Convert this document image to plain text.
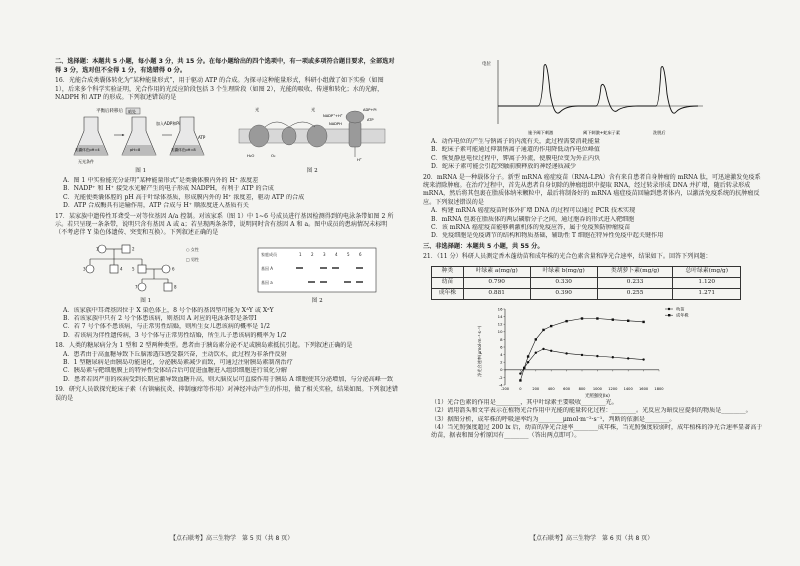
二、选择题：本题共 5 小题，每小题 3 分，共 15 分。在每小题给出的四个选项中，有一项或多项符合题目要求，全部选对得 3 分，选对但不全得 1 分，有选错得 0 分。
16．光能合成类囊体转化为“某种能量形式”，用于驱动 ATP 的合成。为探寻这种能量形式，科研小组做了如下实验（如图 1），后来多个科学实验证明，光合作用的光反应阶段包括 3 个生理阶段（如图 2），光能的吸收、传递和转化；水的光解，NADPH 和 ATP 的形成。下列叙述错误的是
平衡后转移后 暗处
加入ADP和Pi
ATP
类囊体在pH=4	pH=8	类囊体在pH=8
无光条件
图 1
光	光
NADP⁺+H⁺
NADPH
ADP+Pi
ATP
H⁺
H₂O	O₂
图 2
A．图 1 中实验能充分证明“某种能量形式”是类囊体膜内外的 H⁺ 浓度差
B．NADP⁺ 和 H⁺ 接受水光解产生的电子形成 NADPH，有利于 ATP 的合成
C．光能使类囊体腔的 pH 高于叶绿体基质，形成膜内外的 H⁺ 浓度差，驱动 ATP 的合成
D．ATP 合成酶具有运输作用，ATP 合成与 H⁺ 顺浓度进入基质有关
17．某家族中遗传性耳聋受一对等位基因 A/a 控制。对该家系（图 1）中 1~6 号成员进行基因检测得到的电泳条带如图 2 所示。若只呈现一条条带，说明只含有基因 A 或 a；若呈现两条条带，说明同时含有基因 A 和 a。图中成员的患病情况未标明（不考虑伴 Y 染色体遗传、突变和互换）。下列叙述正确的是
1	2
3	4 5	6
7	8
○ 女性
□ 男性
图 1
家庭成员	1 2 3 4 5 6
基因 A
基因 a
图 2
A．该家族中耳聋基因位于 X 染色体上，8 号个体的基因型可能为 XᴬY 或 XᵃY
B．若该家族中只有 2 号个体患该病，则基因 A 对应的电泳条带是条带Ⅰ
C．若 7 号个体不患该病，与正常男性结婚，则所生女儿患该病的概率是 1/2
D．若该病为伴性遗传病，3 号个体与正常男性结婚，所生儿子患该病的概率为 1/2
18．人类的糖尿病分为 1 型和 2 型两种类型。患者由于胰岛素分泌不足或胰岛素抵抗引起。下列叙述正确的是
A．患者由于高血糖导致下丘脑渗透压感受器兴奋，主动饮水，此过程为非条件反射
B．1 型糖尿病是由胰岛功能退化，分泌胰岛素减少而致，可通过注射胰岛素制剂治疗
C．胰岛素与靶细胞膜上的特异性受体结合后可促进血糖进入组织细胞进行氧化分解
D．患者若因严重的疾病受到长期应激导致血糖升高，则大脑皮层可直接作用于胰岛 A 细胞使其分泌增加，与分泌高峰一致
19．研究人员欲探究蛇床子素（有镇痛抗炎、抑制瘙痒等作用）对神经冲动产生的作用，做了相关实验，结果如图。下列叙述错误的是
电位
施予阈下刺激	阈下刺激+蛇床子素	洗脱后
A．动作电位的产生与钠离子的内流有关，此过程需要消耗能量
B．蛇床子素可能通过抑制钠离子通道的作用降低动作电位峰值
C．恢复静息电位过程中，钾离子外流，使膜电位变为外正内负
D．蛇床子素可能会引起突触前膜释放的神经递质减少
20．mRNA 是一种载体分子。新型 mRNA 癌症疫苗（RNA-LPA）含有来自患者自身肿瘤的 mRNA 肽，可迅速激发免疫系统来清除肿瘤。在治疗过程中，首先从患者自身切除的肿瘤组织中提取 RNA，经过转录形成 DNA 并扩增，随后转录形成 mRNA，然后将其包裹在脂质体纳米颗粒中，最后将制备好的 mRNA 癌症疫苗回输到患者体内，以激活免疫系统的抗肿瘤反应。下列叙述错误的是
A．构建 mRNA 癌症疫苗时体外扩增 DNA 的过程可以通过 PCR 技术实现
B．mRNA 包裹在脂质体的两层磷脂分子之间，通过胞吞的形式进入靶细胞
C．该 mRNA 癌症疫苗能够刺激机体的免疫应答，属于免疫预防肿瘤疫苗
D．免疫细胞是免疫调节的结构和物质基础，辅助性 T 细胞在特异性免疫中起关键作用
三、非选择题：本题共 5 小题，共 55 分。
21．（11 分）科研人员测定香木蓬幼苗和成年株的光合色素含量和净光合速率，结果如下。回答下列问题：
种类	叶绿素 a(mg/g)	叶绿素 b(mg/g)	类胡萝卜素(mg/g)	总叶绿素(mg/g)
幼苗	0.790	0.330	0.233	1.120
成年株	0.881	0.390	0.255	1.271
-4
-2
0
2
4
6
8
10
12
14
16
-200	0	200 400 600 800 1000 1200 1400 1600 1800
光照强度(lx)
净光合速率(μmol·m⁻²·s⁻¹)
幼苗
成年株
（1）光合色素的作用是________，其中叶绿素主要吸收________光。
（2）请用箭头和文字表示在植物光合作用中光能的能量转化过程：________。光反应为暗反应提供的物质是________。
（3）据图分析，成年株的呼吸速率约为________μmol·m⁻²·s⁻¹，判断的依据是________。
（4）当光照强度超过 200 lx 后，幼苗的净光合速率________成年株，当光照强度较弱时，成年植株的净光合速率显著高于幼苗，据表和图分析原因有________（答出两点即可）。
【点石联考】高三生物学　第 5 页（共 8 页）	【点石联考】高三生物学　第 6 页（共 8 页）
